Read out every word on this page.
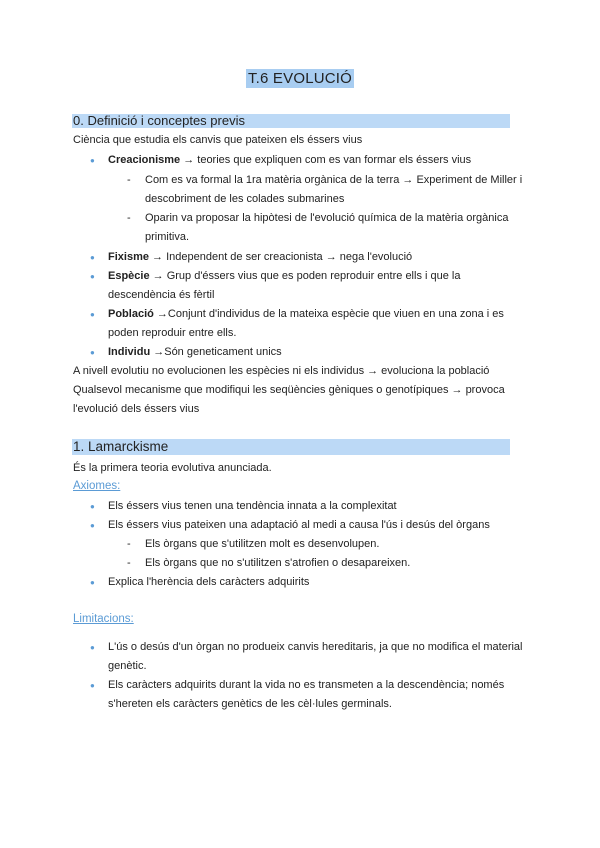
T.6 EVOLUCIÓ
0. Definició i conceptes previs
Ciència que estudia els canvis que pateixen els éssers vius
● Creacionisme → teories que expliquen com es van formar els éssers vius
- Com es va formal la 1ra matèria orgànica de la terra → Experiment de Miller i
descobriment de les colades submarines
- Oparin va proposar la hipòtesi de l'evolució química de la matèria orgànica
primitiva.
● Fixisme → Independent de ser creacionista → nega l'evolució
● Espècie → Grup d'éssers vius que es poden reproduir entre ells i que la
descendència és fèrtil
● Població →Conjunt d'individus de la mateixa espècie que viuen en una zona i es
poden reproduir entre ells.
● Individu →Són geneticament unics
A nivell evolutiu no evolucionen les espècies ni els individus → evoluciona la població
Qualsevol mecanisme que modifiqui les seqüències gèniques o genotípiques → provoca
l'evolució dels éssers vius
1. Lamarckisme
És la primera teoria evolutiva anunciada.
Axiomes:
● Els éssers vius tenen una tendència innata a la complexitat
● Els éssers vius pateixen una adaptació al medi a causa l'ús i desús del òrgans
- Els òrgans que s'utilitzen molt es desenvolupen.
- Els òrgans que no s'utilitzen s'atrofien o desapareixen.
● Explica l'herència dels caràcters adquirits
Limitacions:
● L'ús o desús d'un òrgan no produeix canvis hereditaris, ja que no modifica el material
genètic.
● Els caràcters adquirits durant la vida no es transmeten a la descendència; només
s'hereten els caràcters genètics de les cèl·lules germinals.
